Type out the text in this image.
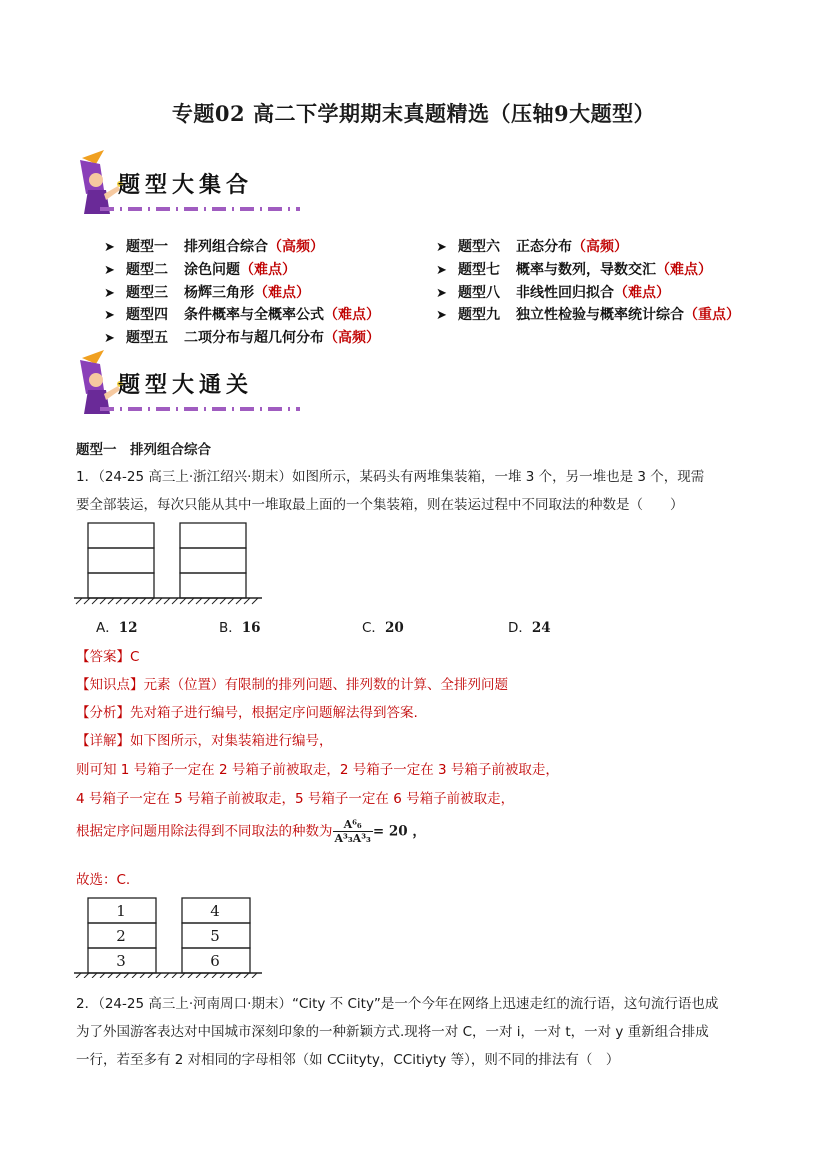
专题02 高二下学期期末真题精选（压轴9大题型）
题型大集合
➤ 题型一 排列组合综合（高频）
➤ 题型二 涂色问题（难点）
➤ 题型三 杨辉三角形（难点）
➤ 题型四 条件概率与全概率公式（难点）
➤ 题型五 二项分布与超几何分布（高频）
➤ 题型六 正态分布（高频）
➤ 题型七 概率与数列，导数交汇（难点）
➤ 题型八 非线性回归拟合（难点）
➤ 题型九 独立性检验与概率统计综合（重点）
题型大通关
题型一　排列组合综合
1．（24-25 高三上·浙江绍兴·期末）如图所示，某码头有两堆集装箱，一堆 3 个，另一堆也是 3 个，现需
要全部装运，每次只能从其中一堆取最上面的一个集装箱，则在装运过程中不同取法的种数是（　　）
A．12	B．16	C．20	D．24
【答案】C
【知识点】元素（位置）有限制的排列问题、排列数的计算、全排列问题
【分析】先对箱子进行编号，根据定序问题解法得到答案.
【详解】如下图所示，对集装箱进行编号，
则可知 1 号箱子一定在 2 号箱子前被取走，2 号箱子一定在 3 号箱子前被取走，
4 号箱子一定在 5 号箱子前被取走，5 号箱子一定在 6 号箱子前被取走，
根据定序问题用除法得到不同取法的种数为 $\frac{\text{A⁶₆}}{\text{A³₃A³₃}} = 20$ ，
故选：C.
1
2
3
4
5
6
2．（24-25 高三上·河南周口·期末）“City 不 City”是一个今年在网络上迅速走红的流行语，这句流行语也成
为了外国游客表达对中国城市深刻印象的一种新颖方式.现将一对 C，一对 i，一对 t，一对 y 重新组合排成
一行，若至多有 2 对相同的字母相邻（如 CCiityty，CCitiyty 等），则不同的排法有（　）
